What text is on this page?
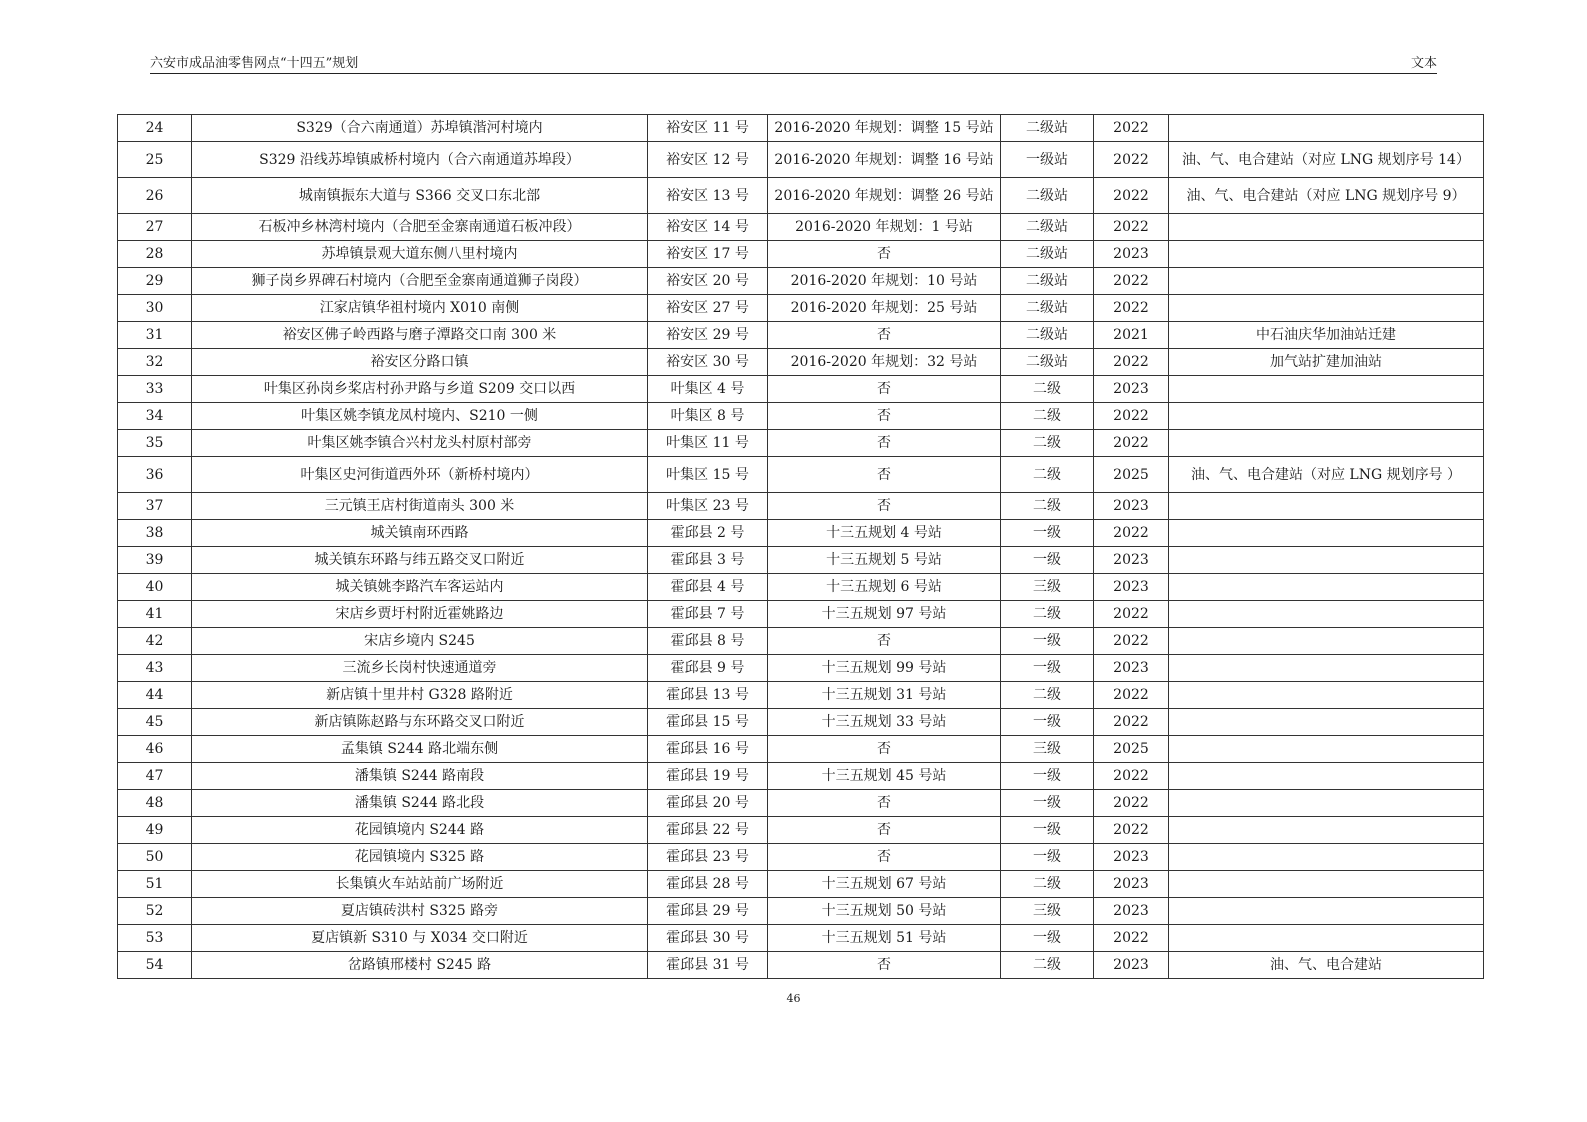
六安市成品油零售网点“十四五”规划	文本
24	S329（合六南通道）苏埠镇湝河村境内	裕安区 11 号	2016-2020 年规划：调整 15 号站	二级站	2022	
25	S329 沿线苏埠镇戚桥村境内（合六南通道苏埠段）	裕安区 12 号	2016-2020 年规划：调整 16 号站	一级站	2022	油、气、电合建站（对应 LNG 规划序号 14）
26	城南镇振东大道与 S366 交叉口东北部	裕安区 13 号	2016-2020 年规划：调整 26 号站	二级站	2022	油、气、电合建站（对应 LNG 规划序号 9）
27	石板冲乡林湾村境内（合肥至金寨南通道石板冲段）	裕安区 14 号	2016-2020 年规划：1 号站	二级站	2022	
28	苏埠镇景观大道东侧八里村境内	裕安区 17 号	否	二级站	2023	
29	狮子岗乡界碑石村境内（合肥至金寨南通道狮子岗段）	裕安区 20 号	2016-2020 年规划：10 号站	二级站	2022	
30	江家店镇华祖村境内 X010 南侧	裕安区 27 号	2016-2020 年规划：25 号站	二级站	2022	
31	裕安区佛子岭西路与磨子潭路交口南 300 米	裕安区 29 号	否	二级站	2021	中石油庆华加油站迁建
32	裕安区分路口镇	裕安区 30 号	2016-2020 年规划：32 号站	二级站	2022	加气站扩建加油站
33	叶集区孙岗乡桨店村孙尹路与乡道 S209 交口以西	叶集区 4 号	否	二级	2023	
34	叶集区姚李镇龙凤村境内、S210 一侧	叶集区 8 号	否	二级	2022	
35	叶集区姚李镇合兴村龙头村原村部旁	叶集区 11 号	否	二级	2022	
36	叶集区史河街道西外环（新桥村境内）	叶集区 15 号	否	二级	2025	油、气、电合建站（对应 LNG 规划序号 ）
37	三元镇王店村街道南头 300 米	叶集区 23 号	否	二级	2023	
38	城关镇南环西路	霍邱县 2 号	十三五规划 4 号站	一级	2022	
39	城关镇东环路与纬五路交叉口附近	霍邱县 3 号	十三五规划 5 号站	一级	2023	
40	城关镇姚李路汽车客运站内	霍邱县 4 号	十三五规划 6 号站	三级	2023	
41	宋店乡贾圩村附近霍姚路边	霍邱县 7 号	十三五规划 97 号站	二级	2022	
42	宋店乡境内 S245	霍邱县 8 号	否	一级	2022	
43	三流乡长岗村快速通道旁	霍邱县 9 号	十三五规划 99 号站	一级	2023	
44	新店镇十里井村 G328 路附近	霍邱县 13 号	十三五规划 31 号站	二级	2022	
45	新店镇陈赵路与东环路交叉口附近	霍邱县 15 号	十三五规划 33 号站	一级	2022	
46	孟集镇 S244 路北端东侧	霍邱县 16 号	否	三级	2025	
47	潘集镇 S244 路南段	霍邱县 19 号	十三五规划 45 号站	一级	2022	
48	潘集镇 S244 路北段	霍邱县 20 号	否	一级	2022	
49	花园镇境内 S244 路	霍邱县 22 号	否	一级	2022	
50	花园镇境内 S325 路	霍邱县 23 号	否	一级	2023	
51	长集镇火车站站前广场附近	霍邱县 28 号	十三五规划 67 号站	二级	2023	
52	夏店镇砖洪村 S325 路旁	霍邱县 29 号	十三五规划 50 号站	三级	2023	
53	夏店镇新 S310 与 X034 交口附近	霍邱县 30 号	十三五规划 51 号站	一级	2022	
54	岔路镇邢楼村 S245 路	霍邱县 31 号	否	二级	2023	油、气、电合建站
46
